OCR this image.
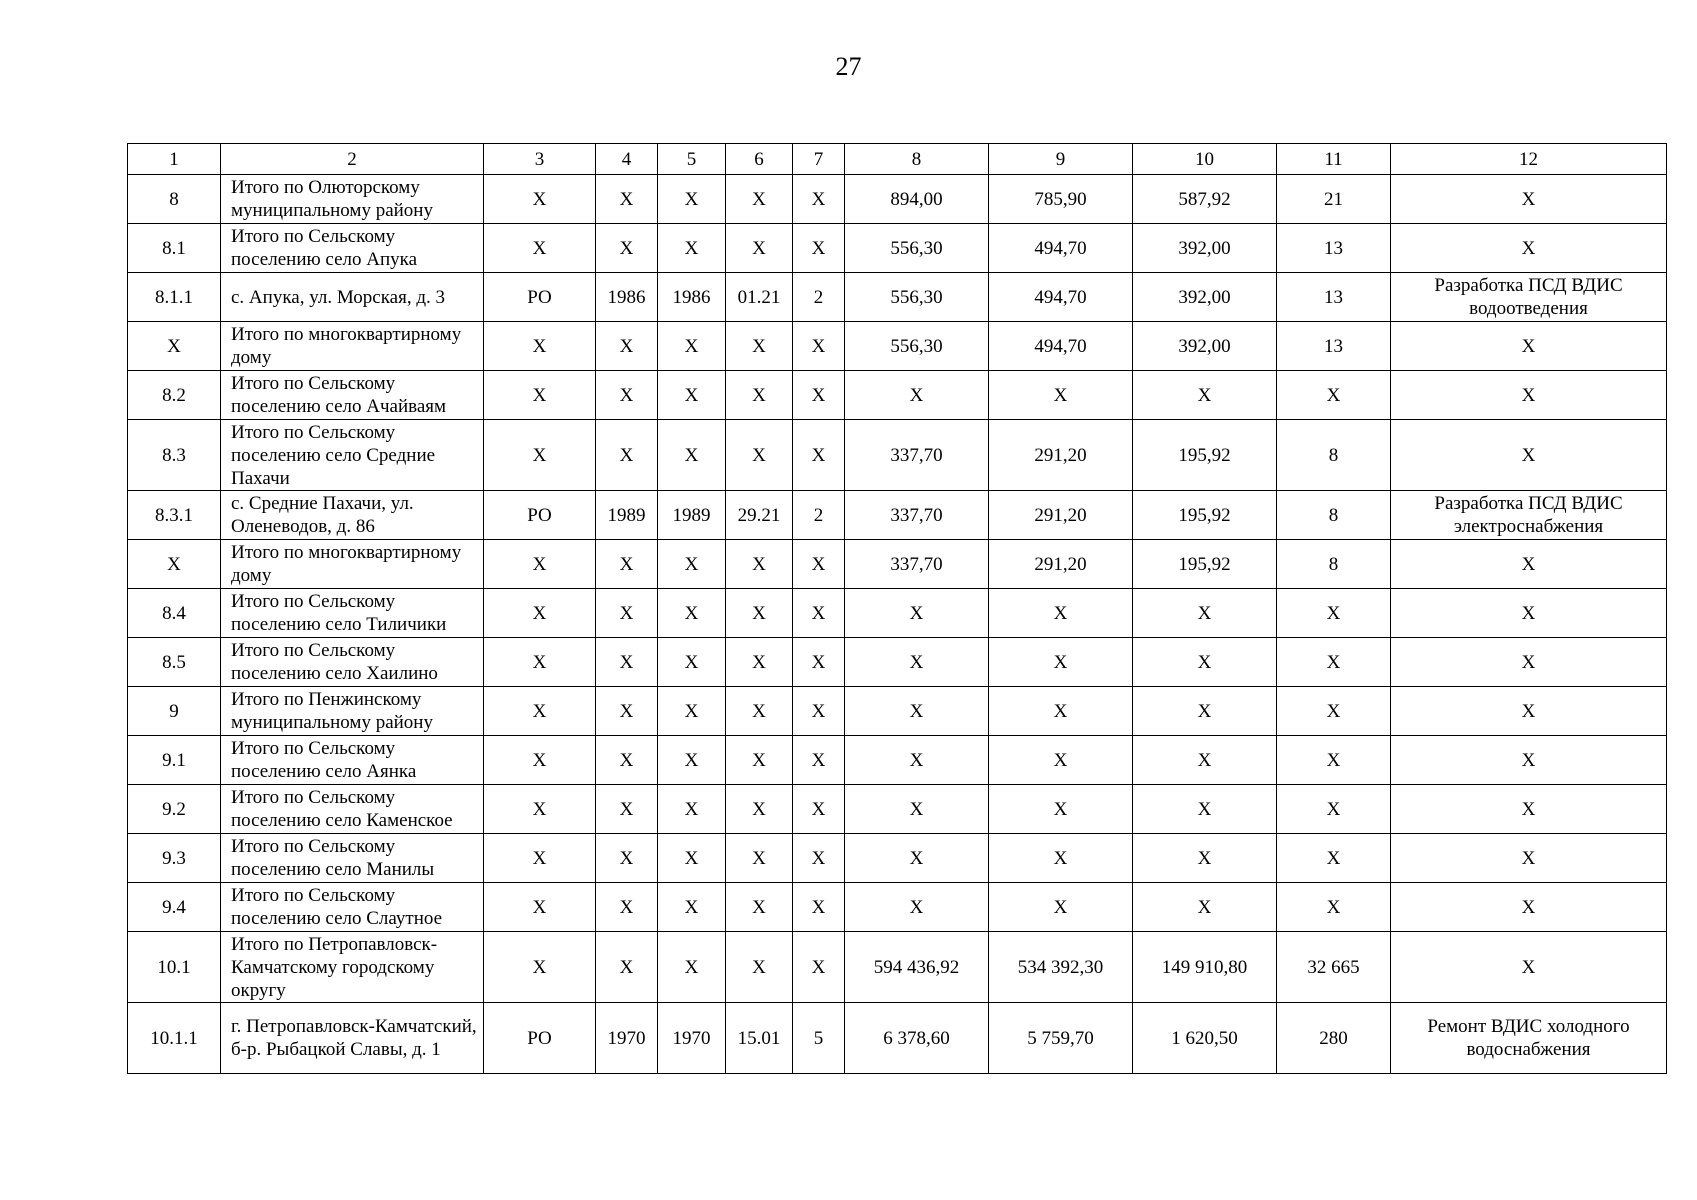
27
1	2	3	4	5	6	7	8	9	10	11	12
8	Итого по Олюторскому муниципальному району	X	X	X	X	X	894,00	785,90	587,92	21	X
8.1	Итого по Сельскому поселению село Апука	X	X	X	X	X	556,30	494,70	392,00	13	X
8.1.1	с. Апука, ул. Морская, д. 3	РО	1986	1986	01.21	2	556,30	494,70	392,00	13	Разработка ПСД ВДИС водоотведения
X	Итого по многоквартирному дому	X	X	X	X	X	556,30	494,70	392,00	13	X
8.2	Итого по Сельскому поселению село Ачайваям	X	X	X	X	X	X	X	X	X	X
8.3	Итого по Сельскому поселению село Средние Пахачи	X	X	X	X	X	337,70	291,20	195,92	8	X
8.3.1	с. Средние Пахачи, ул. Оленеводов, д. 86	РО	1989	1989	29.21	2	337,70	291,20	195,92	8	Разработка ПСД ВДИС электроснабжения
X	Итого по многоквартирному дому	X	X	X	X	X	337,70	291,20	195,92	8	X
8.4	Итого по Сельскому поселению село Тиличики	X	X	X	X	X	X	X	X	X	X
8.5	Итого по Сельскому поселению село Хаилино	X	X	X	X	X	X	X	X	X	X
9	Итого по Пенжинскому муниципальному району	X	X	X	X	X	X	X	X	X	X
9.1	Итого по Сельскому поселению село Аянка	X	X	X	X	X	X	X	X	X	X
9.2	Итого по Сельскому поселению село Каменское	X	X	X	X	X	X	X	X	X	X
9.3	Итого по Сельскому поселению село Манилы	X	X	X	X	X	X	X	X	X	X
9.4	Итого по Сельскому поселению село Слаутное	X	X	X	X	X	X	X	X	X	X
10.1	Итого по Петропавловск-Камчатскому городскому округу	X	X	X	X	X	594 436,92	534 392,30	149 910,80	32 665	X
10.1.1	г. Петропавловск-Камчатский, б-р. Рыбацкой Славы, д. 1	РО	1970	1970	15.01	5	6 378,60	5 759,70	1 620,50	280	Ремонт ВДИС холодного водоснабжения
